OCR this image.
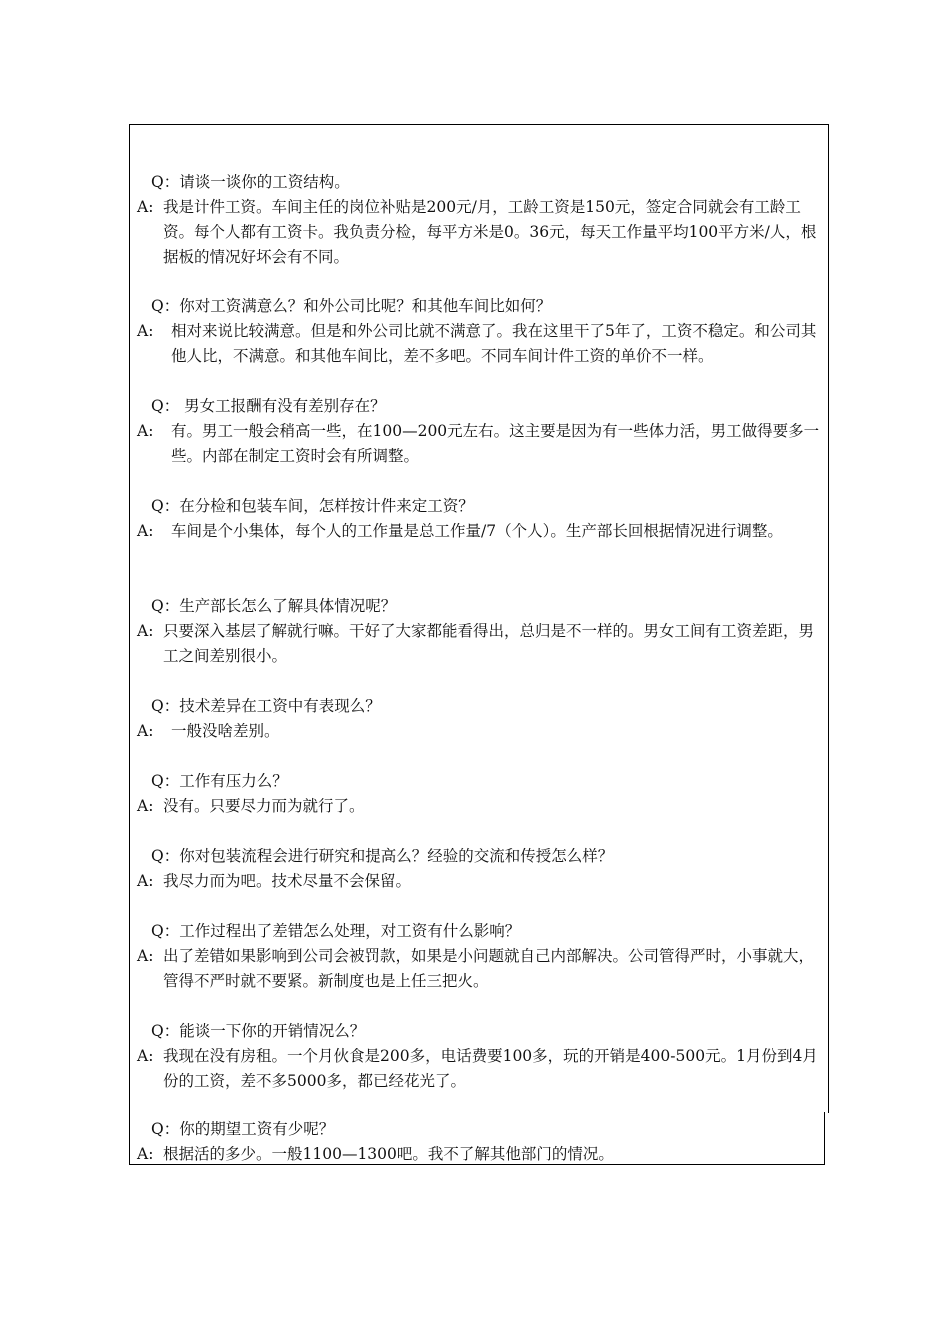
Q：请谈一谈你的工资结构。
A: 我是计件工资。车间主任的岗位补贴是200元/月，工龄工资是150元，签定合同就会有工龄工资。每个人都有工资卡。我负责分检，每平方米是0。36元，每天工作量平均100平方米/人，根据板的情况好坏会有不同。
Q：你对工资满意么？和外公司比呢？和其他车间比如何？
A: 相对来说比较满意。但是和外公司比就不满意了。我在这里干了5年了，工资不稳定。和公司其他人比，不满意。和其他车间比，差不多吧。不同车间计件工资的单价不一样。
Q： 男女工报酬有没有差别存在？
A: 有。男工一般会稍高一些，在100—200元左右。这主要是因为有一些体力活，男工做得要多一些。内部在制定工资时会有所调整。
Q：在分检和包装车间，怎样按计件来定工资？
A: 车间是个小集体，每个人的工作量是总工作量/7（个人）。生产部长回根据情况进行调整。
Q：生产部长怎么了解具体情况呢？
A: 只要深入基层了解就行嘛。干好了大家都能看得出，总归是不一样的。男女工间有工资差距，男工之间差别很小。
Q：技术差异在工资中有表现么？
A: 一般没啥差别。
Q：工作有压力么？
A: 没有。只要尽力而为就行了。
Q：你对包装流程会进行研究和提高么？经验的交流和传授怎么样？
A: 我尽力而为吧。技术尽量不会保留。
Q：工作过程出了差错怎么处理，对工资有什么影响？
A: 出了差错如果影响到公司会被罚款，如果是小问题就自己内部解决。公司管得严时，小事就大，管得不严时就不要紧。新制度也是上任三把火。
Q：能谈一下你的开销情况么？
A: 我现在没有房租。一个月伙食是200多，电话费要100多，玩的开销是400-500元。1月份到4月份的工资，差不多5000多，都已经花光了。
Q：你的期望工资有少呢？
A: 根据活的多少。一般1100—1300吧。我不了解其他部门的情况。
